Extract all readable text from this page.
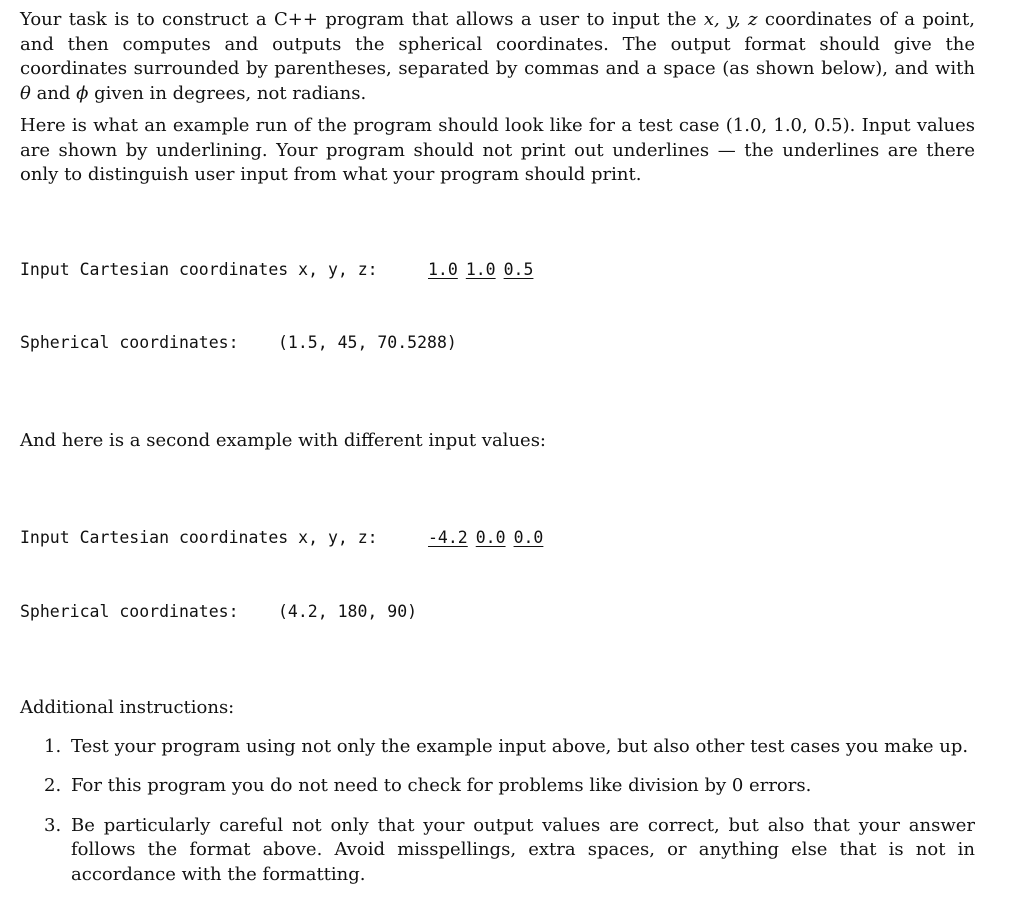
Your task is to construct a C++ program that allows a user to input the x, y, z coordinates of a point, and then computes and outputs the spherical coordinates. The output format should give the coordinates surrounded by parentheses, separated by commas and a space (as shown below), and with θ and ϕ given in degrees, not radians.

Here is what an example run of the program should look like for a test case (1.0, 1.0, 0.5). Input values are shown by underlining. Your program should not print out underlines — the underlines are there only to distinguish user input from what your program should print.

Input Cartesian coordinates x, y, z:	1.0 1.0 0.5

Spherical coordinates: (1.5, 45, 70.5288)

And here is a second example with different input values:

Input Cartesian coordinates x, y, z:	-4.2 0.0 0.0

Spherical coordinates: (4.2, 180, 90)

Additional instructions:
1. Test your program using not only the example input above, but also other test cases you make up.
2. For this program you do not need to check for problems like division by 0 errors.
3. Be particularly careful not only that your output values are correct, but also that your answer follows the format above. Avoid misspellings, extra spaces, or anything else that is not in accordance with the formatting.
